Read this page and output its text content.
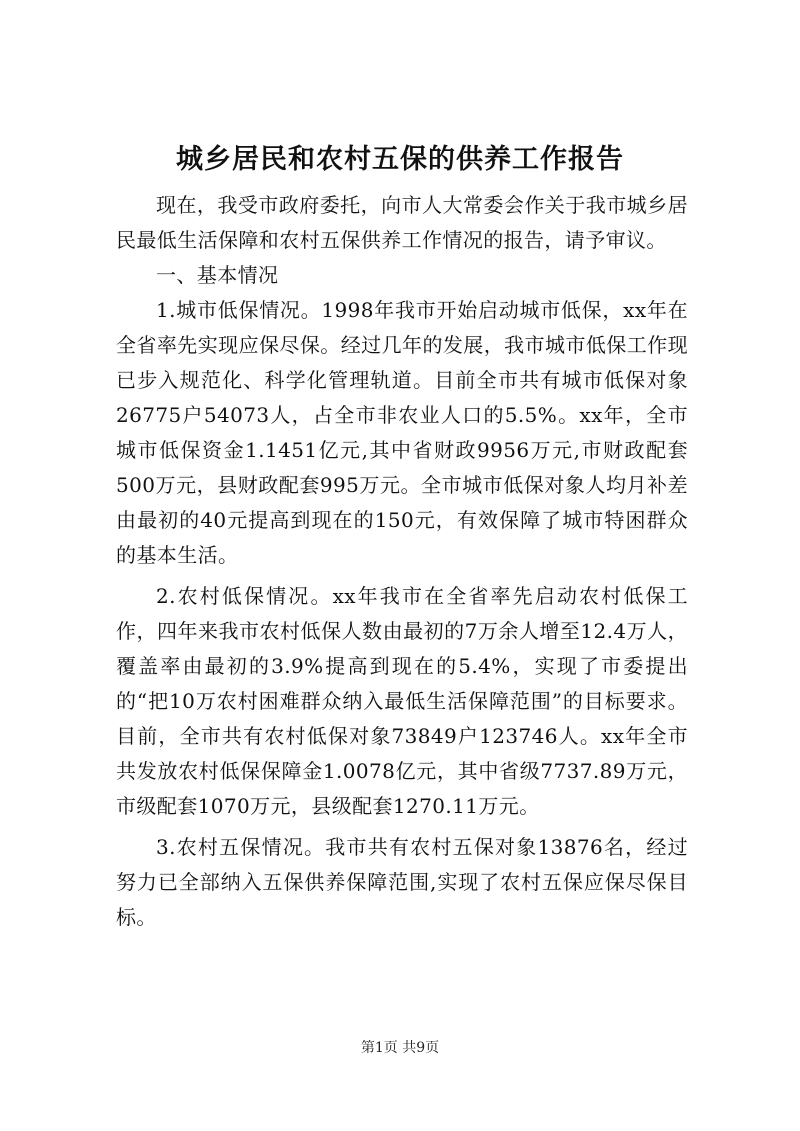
城乡居民和农村五保的供养工作报告

现在，我受市政府委托，向市人大常委会作关于我市城乡居民最低生活保障和农村五保供养工作情况的报告，请予审议。

一、基本情况

1.城市低保情况。1998年我市开始启动城市低保，xx年在全省率先实现应保尽保。经过几年的发展，我市城市低保工作现已步入规范化、科学化管理轨道。目前全市共有城市低保对象26775户54073人，占全市非农业人口的5.5%。xx年，全市城市低保资金1.1451亿元,其中省财政9956万元,市财政配套500万元，县财政配套995万元。全市城市低保对象人均月补差由最初的40元提高到现在的150元，有效保障了城市特困群众的基本生活。

2.农村低保情况。xx年我市在全省率先启动农村低保工作，四年来我市农村低保人数由最初的7万余人增至12.4万人，覆盖率由最初的3.9%提高到现在的5.4%，实现了市委提出的“把10万农村困难群众纳入最低生活保障范围”的目标要求。目前，全市共有农村低保对象73849户123746人。xx年全市共发放农村低保保障金1.0078亿元，其中省级7737.89万元，市级配套1070万元，县级配套1270.11万元。

3.农村五保情况。我市共有农村五保对象13876名，经过努力已全部纳入五保供养保障范围,实现了农村五保应保尽保目标。

第1页 共9页
